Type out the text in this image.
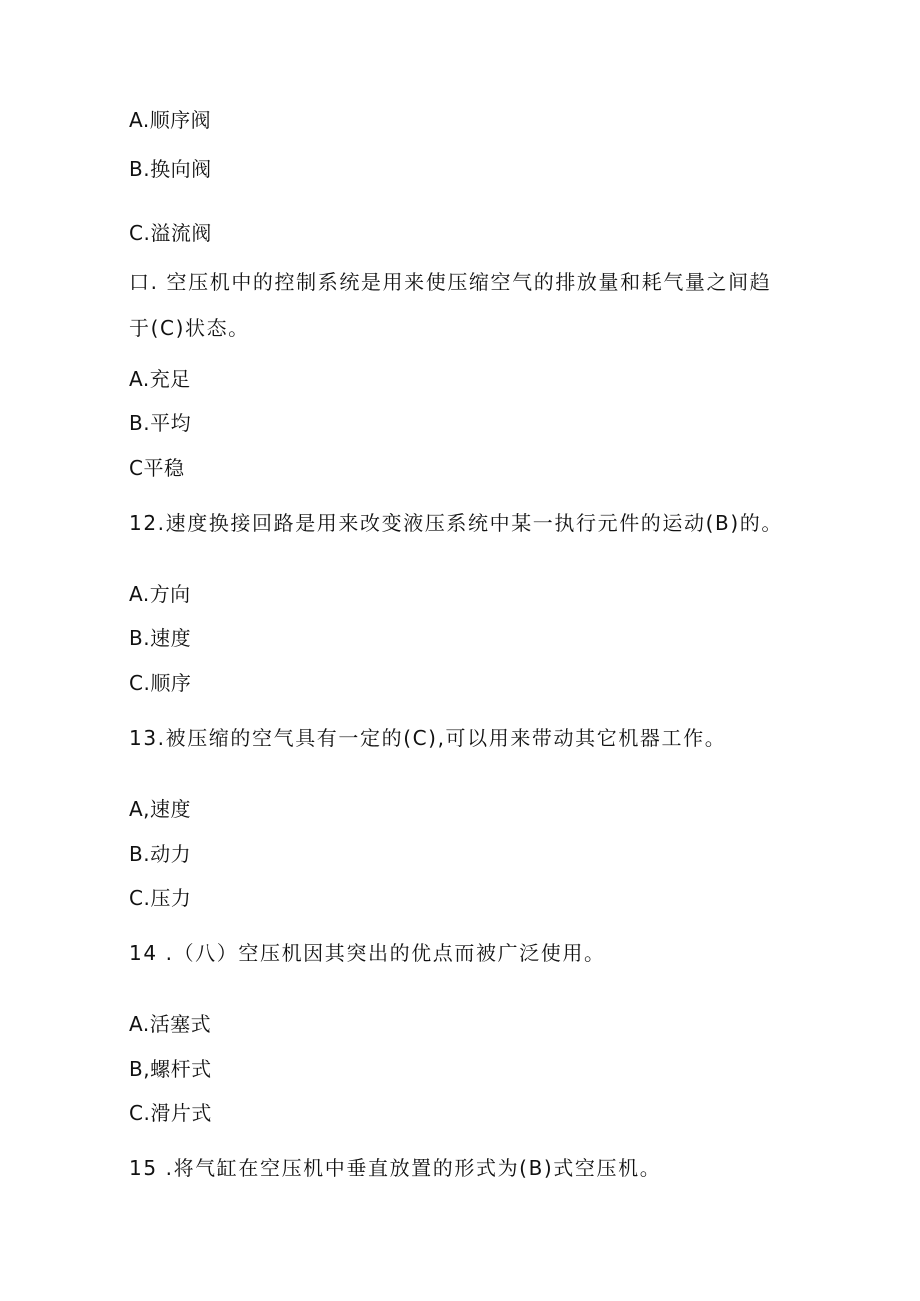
A.顺序阀
B.换向阀
C.溢流阀
口. 空压机中的控制系统是用来使压缩空气的排放量和耗气量之间趋
于(C)状态。
A.充足
B.平均
C平稳
12.速度换接回路是用来改变液压系统中某一执行元件的运动(B)的。
A.方向
B.速度
C.顺序
13.被压缩的空气具有一定的(C),可以用来带动其它机器工作。
A,速度
B.动力
C.压力
14 .（八）空压机因其突出的优点而被广泛使用。
A.活塞式
B,螺杆式
C.滑片式
15 .将气缸在空压机中垂直放置的形式为(B)式空压机。
